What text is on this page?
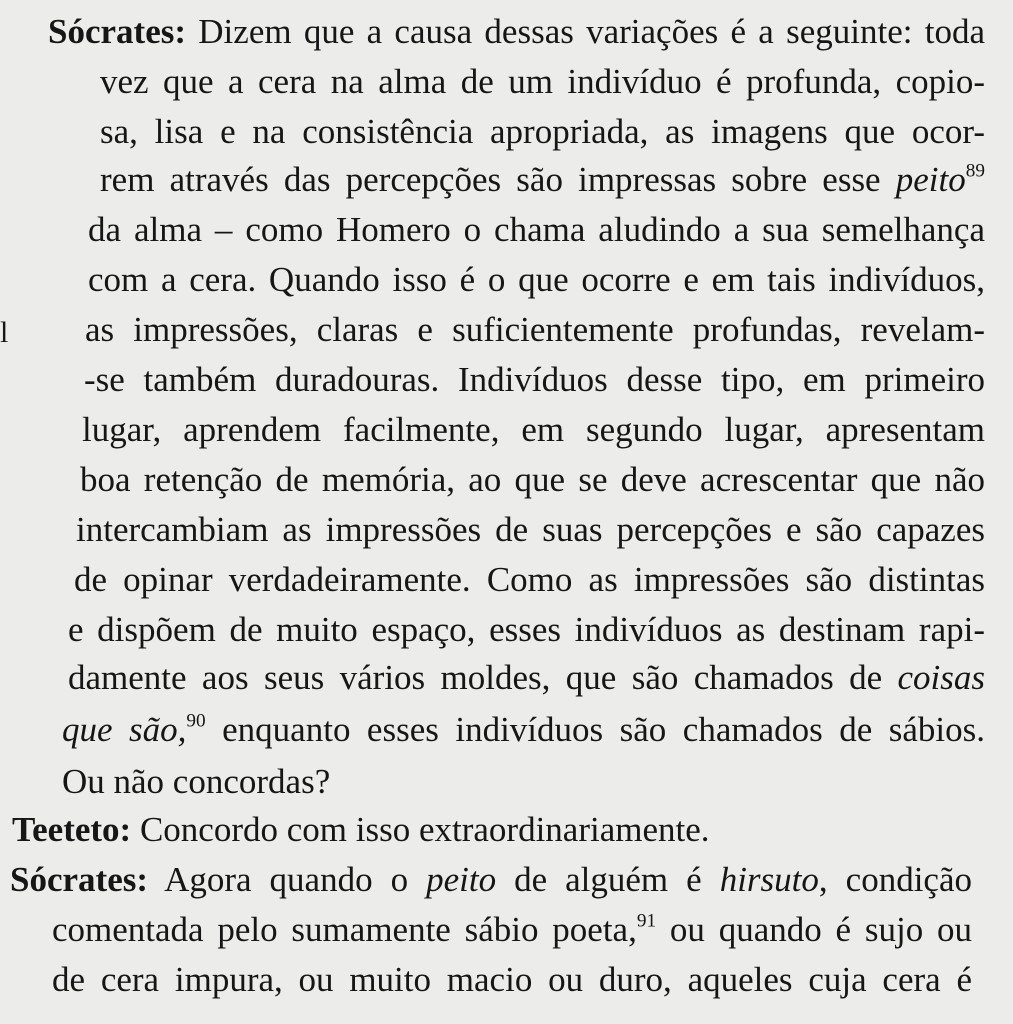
l
Sócrates: Dizem que a causa dessas variações é a seguinte: toda
vez que a cera na alma de um indivíduo é profunda, copio-
sa, lisa e na consistência apropriada, as imagens que ocor-
rem através das percepções são impressas sobre esse peito$^{89}$
da alma – como Homero o chama aludindo a sua semelhança
com a cera. Quando isso é o que ocorre e em tais indivíduos,
as impressões, claras e suficientemente profundas, revelam-
-se também duradouras. Indivíduos desse tipo, em primeiro
lugar, aprendem facilmente, em segundo lugar, apresentam
boa retenção de memória, ao que se deve acrescentar que não
intercambiam as impressões de suas percepções e são capazes
de opinar verdadeiramente. Como as impressões são distintas
e dispõem de muito espaço, esses indivíduos as destinam rapi-
damente aos seus vários moldes, que são chamados de coisas
que são,$^{90}$ enquanto esses indivíduos são chamados de sábios.
Ou não concordas?
Teeteto: Concordo com isso extraordinariamente.
Sócrates: Agora quando o peito de alguém é hirsuto, condição
comentada pelo sumamente sábio poeta,$^{91}$ ou quando é sujo ou
de cera impura, ou muito macio ou duro, aqueles cuja cera é
